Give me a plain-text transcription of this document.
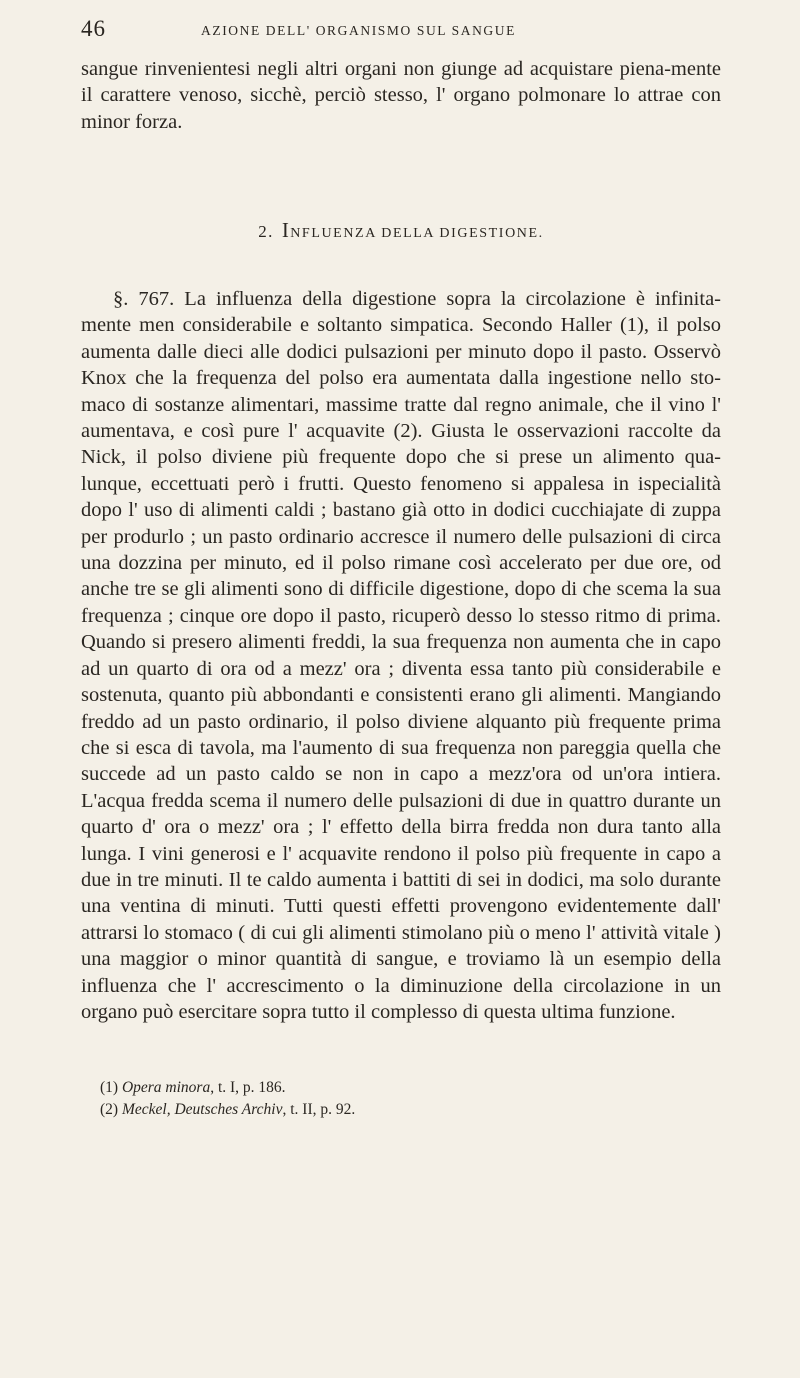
46	AZIONE DELL' ORGANISMO SUL SANGUE
sangue rinvenientesi negli altri organi non giunge ad acquistare piena-mente il carattere venoso, sicchè, perciò stesso, l' organo polmonare lo attrae con minor forza.
2. INFLUENZA DELLA DIGESTIONE.
§. 767. La influenza della digestione sopra la circolazione è infinita-mente men considerabile e soltanto simpatica. Secondo Haller (1), il polso aumenta dalle dieci alle dodici pulsazioni per minuto dopo il pasto. Osservò Knox che la frequenza del polso era aumentata dalla ingestione nello sto-maco di sostanze alimentari, massime tratte dal regno animale, che il vino l' aumentava, e così pure l' acquavite (2). Giusta le osservazioni raccolte da Nick, il polso diviene più frequente dopo che si prese un alimento qua-lunque, eccettuati però i frutti. Questo fenomeno si appalesa in ispecialità dopo l' uso di alimenti caldi ; bastano già otto in dodici cucchiajate di zuppa per produrlo ; un pasto ordinario accresce il numero delle pulsazioni di circa una dozzina per minuto, ed il polso rimane così accelerato per due ore, od anche tre se gli alimenti sono di difficile digestione, dopo di che scema la sua frequenza ; cinque ore dopo il pasto, ricuperò desso lo stesso ritmo di prima. Quando si presero alimenti freddi, la sua frequenza non aumenta che in capo ad un quarto di ora od a mezz' ora ; diventa essa tanto più considerabile e sostenuta, quanto più abbondanti e consistenti erano gli alimenti. Mangiando freddo ad un pasto ordinario, il polso diviene alquanto più frequente prima che si esca di tavola, ma l'aumento di sua frequenza non pareggia quella che succede ad un pasto caldo se non in capo a mezz'ora od un'ora intiera. L'acqua fredda scema il numero delle pulsazioni di due in quattro durante un quarto d' ora o mezz' ora ; l' effetto della birra fredda non dura tanto alla lunga. I vini generosi e l' acquavite rendono il polso più frequente in capo a due in tre minuti. Il te caldo aumenta i battiti di sei in dodici, ma solo durante una ventina di minuti. Tutti questi effetti provengono evidentemente dall' attrarsi lo stomaco ( di cui gli alimenti stimolano più o meno l' attività vitale ) una maggior o minor quantità di sangue, e troviamo là un esempio della influenza che l' accrescimento o la diminuzione della circolazione in un organo può esercitare sopra tutto il complesso di questa ultima funzione.
(1) Opera minora, t. I, p. 186.
(2) Meckel, Deutsches Archiv, t. II, p. 92.
